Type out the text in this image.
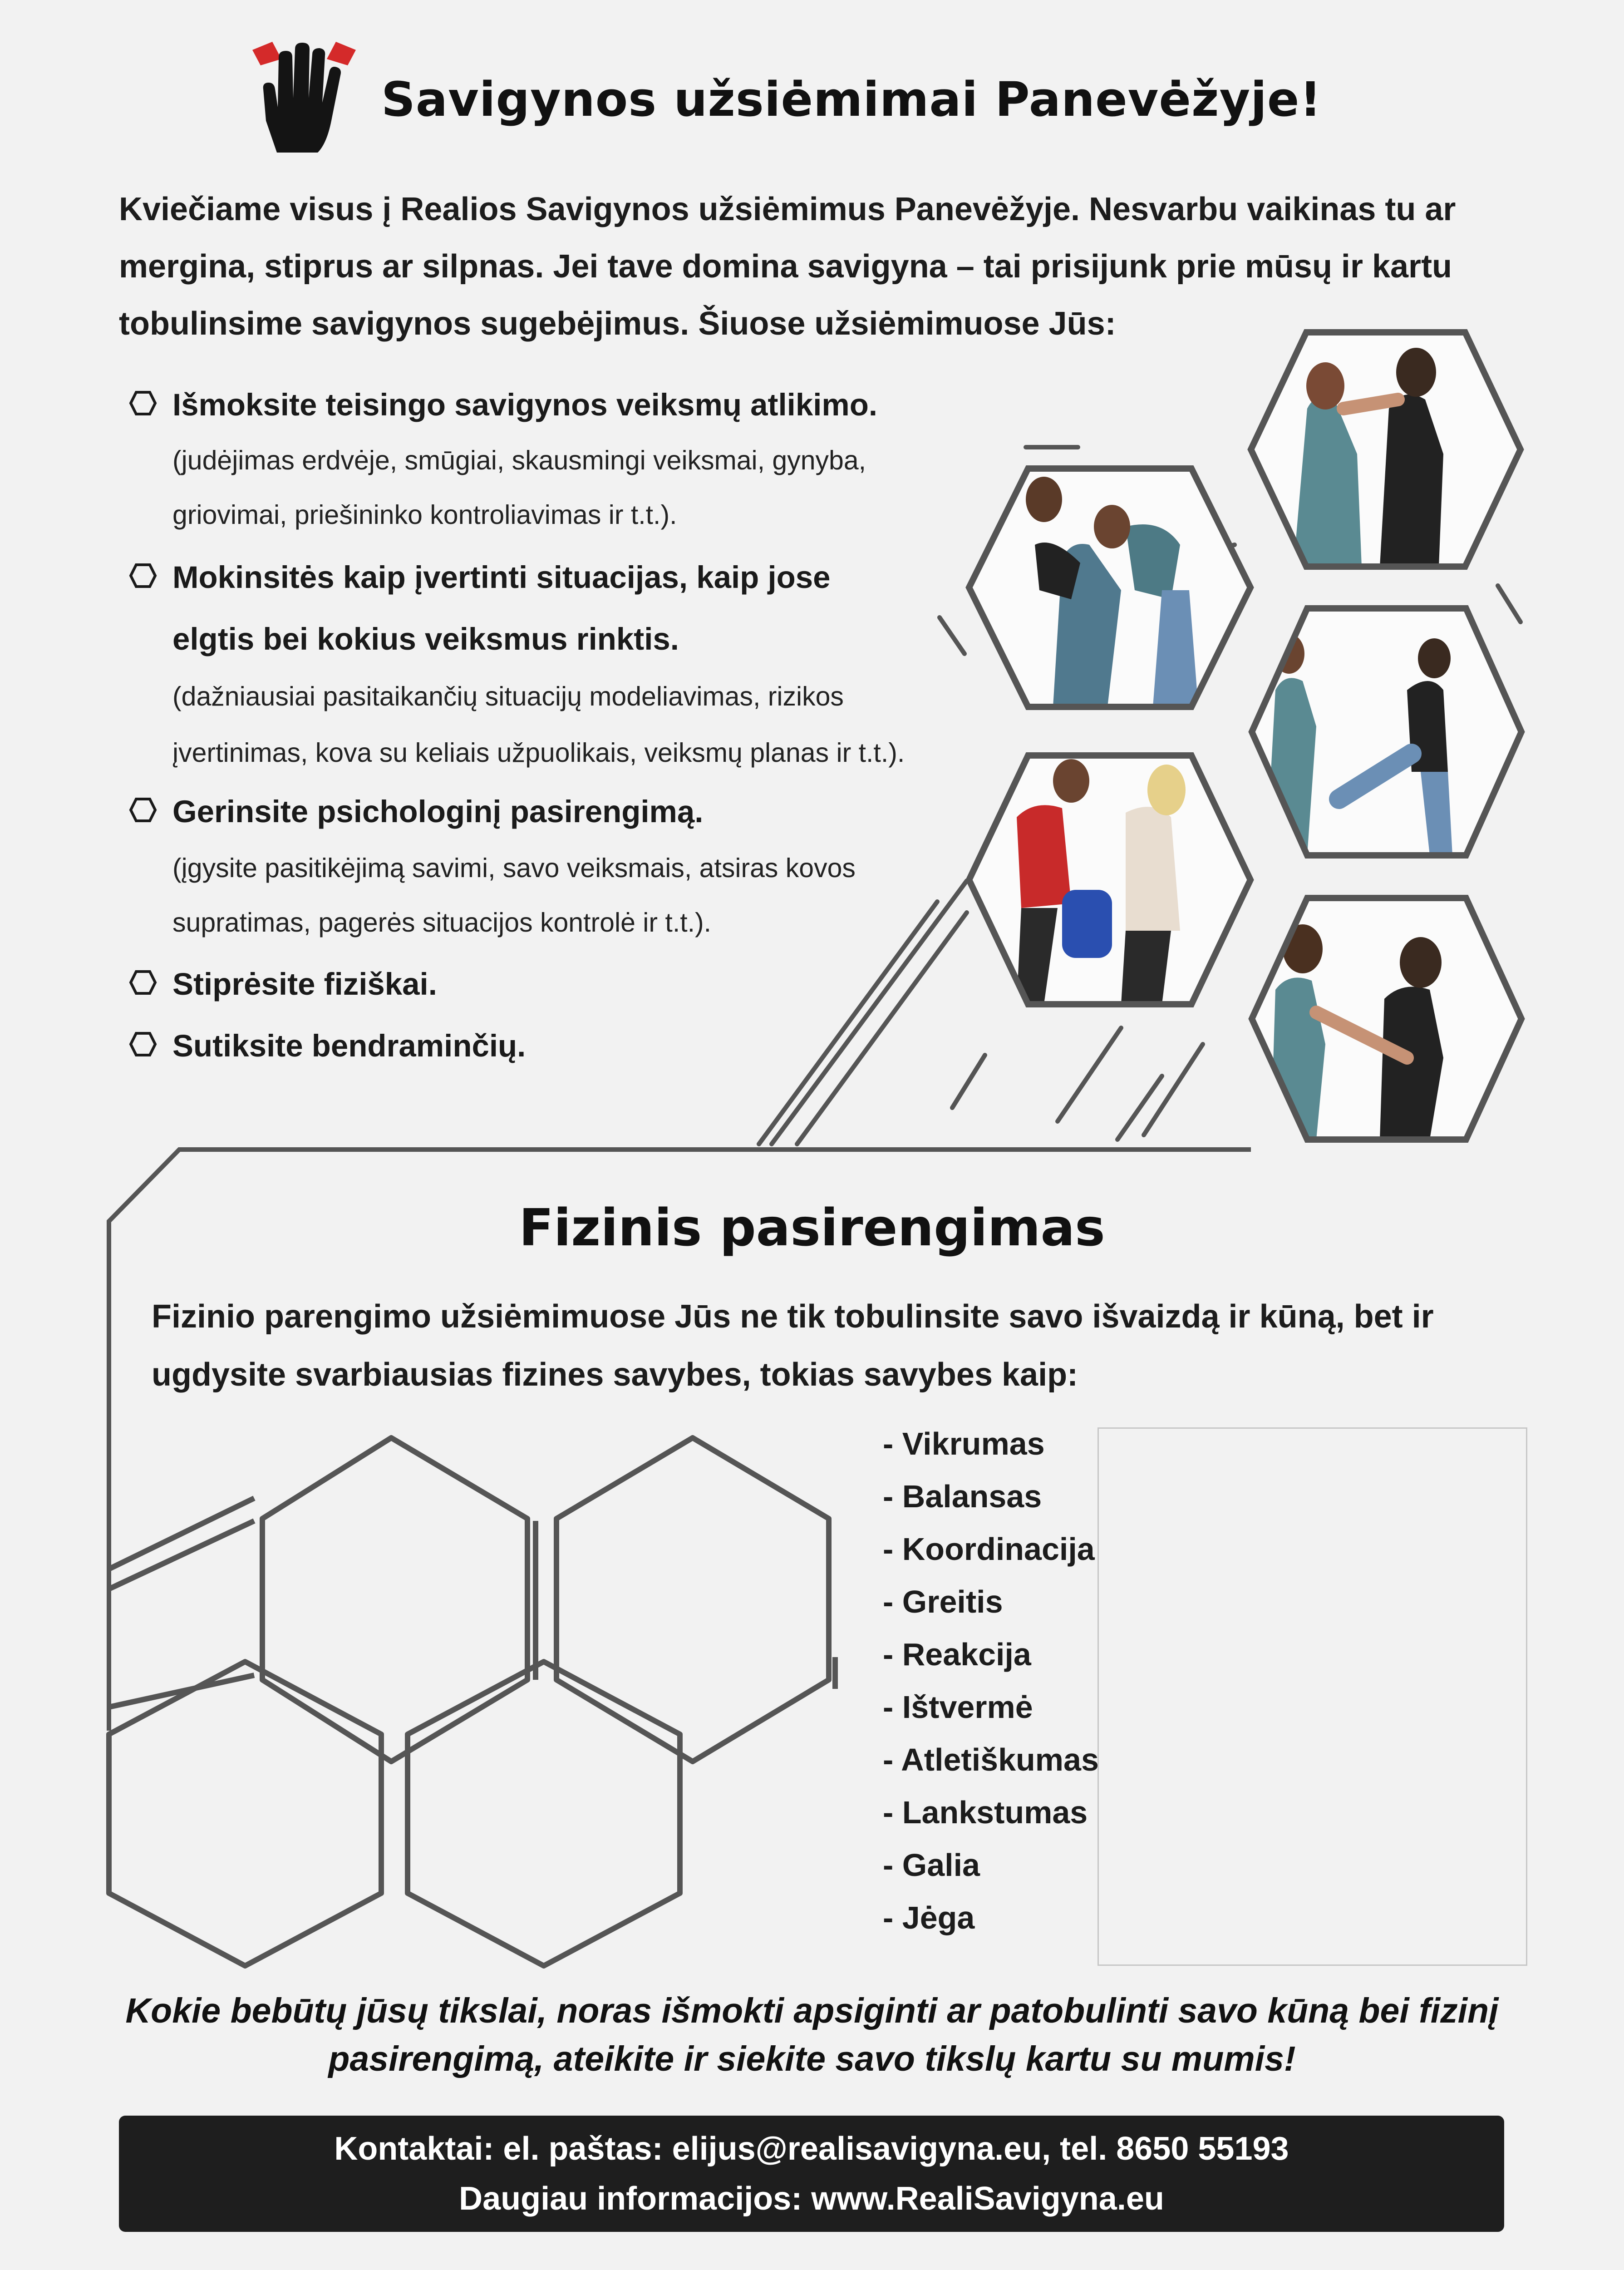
Savigynos užsiėmimai Panevėžyje!

Kviečiame visus į Realios Savigynos užsiėmimus Panevėžyje. Nesvarbu vaikinas tu ar

mergina, stiprus ar silpnas. Jei tave domina savigyna – tai prisijunk prie mūsų ir kartu

tobulinsime savigynos sugebėjimus. Šiuose užsiėmimuose Jūs:

Išmoksite teisingo savigynos veiksmų atlikimo.
(judėjimas erdvėje, smūgiai, skausmingi veiksmai, gynyba,
griovimai, priešininko kontroliavimas ir t.t.).
Mokinsitės kaip įvertinti situacijas, kaip jose
elgtis bei kokius veiksmus rinktis.
(dažniausiai pasitaikančių situacijų modeliavimas, rizikos
įvertinimas, kova su keliais užpuolikais, veiksmų planas ir t.t.).
Gerinsite psichologinį pasirengimą.
(įgysite pasitikėjimą savimi, savo veiksmais, atsiras kovos
supratimas, pagerės situacijos kontrolė ir t.t.).
Stiprėsite fiziškai.
Sutiksite bendraminčių.
Fizinis pasirengimas

Fizinio parengimo užsiėmimuose Jūs ne tik tobulinsite savo išvaizdą ir kūną, bet ir

ugdysite svarbiausias fizines savybes, tokias savybes kaip:

- Vikrumas
- Balansas
- Koordinacija
- Greitis
- Reakcija
- Ištvermė
- Atletiškumas
- Lankstumas
- Galia
- Jėga

Kokie bebūtų jūsų tikslai, noras išmokti apsiginti ar patobulinti savo kūną bei fizinį

pasirengimą, ateikite ir siekite savo tikslų kartu su mumis!

Kontaktai: el. paštas: elijus@realisavigyna.eu, tel. 8650 55193

Daugiau informacijos: www.RealiSavigyna.eu
